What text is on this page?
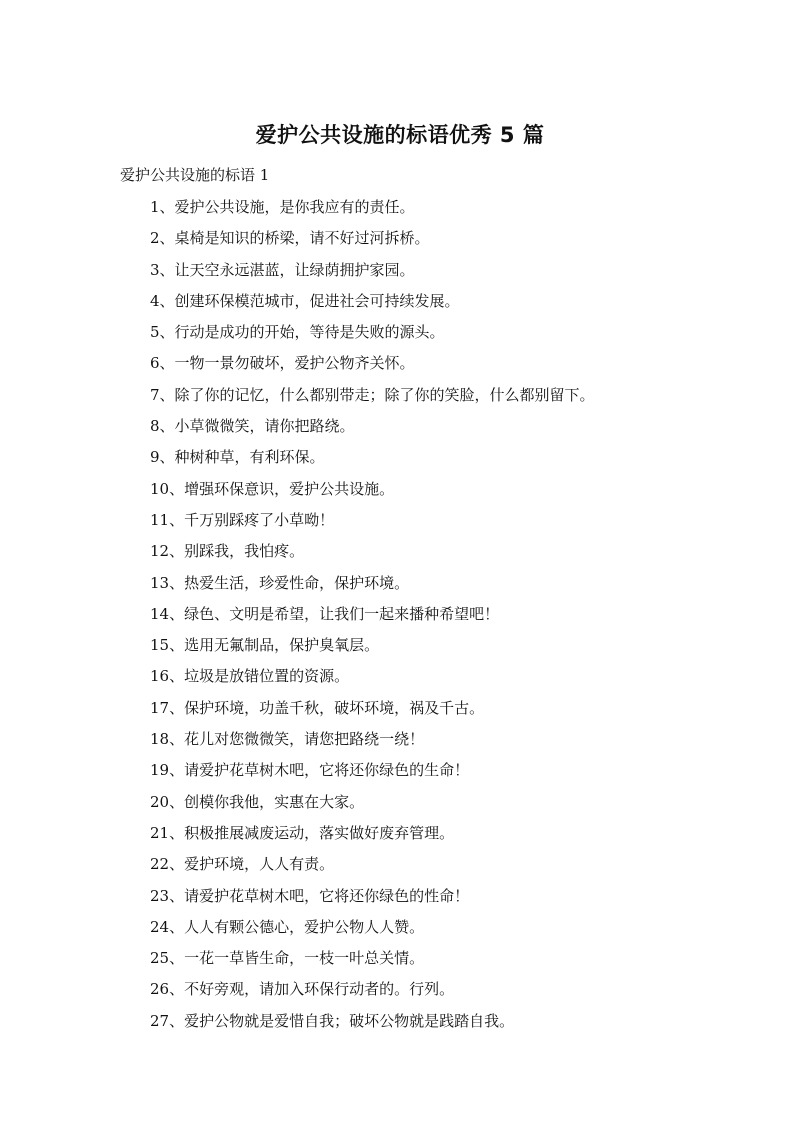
爱护公共设施的标语优秀 5 篇
爱护公共设施的标语 1
1、爱护公共设施，是你我应有的责任。
2、桌椅是知识的桥梁，请不好过河拆桥。
3、让天空永远湛蓝，让绿荫拥护家园。
4、创建环保模范城市，促进社会可持续发展。
5、行动是成功的开始，等待是失败的源头。
6、一物一景勿破坏，爱护公物齐关怀。
7、除了你的记忆，什么都别带走；除了你的笑脸，什么都别留下。
8、小草微微笑，请你把路绕。
9、种树种草，有利环保。
10、增强环保意识，爱护公共设施。
11、千万别踩疼了小草呦！
12、别踩我，我怕疼。
13、热爱生活，珍爱性命，保护环境。
14、绿色、文明是希望，让我们一起来播种希望吧！
15、选用无氟制品，保护臭氧层。
16、垃圾是放错位置的资源。
17、保护环境，功盖千秋，破坏环境，祸及千古。
18、花儿对您微微笑，请您把路绕一绕！
19、请爱护花草树木吧，它将还你绿色的生命！
20、创模你我他，实惠在大家。
21、积极推展减废运动，落实做好废弃管理。
22、爱护环境，人人有责。
23、请爱护花草树木吧，它将还你绿色的性命！
24、人人有颗公德心，爱护公物人人赞。
25、一花一草皆生命，一枝一叶总关情。
26、不好旁观，请加入环保行动者的。行列。
27、爱护公物就是爱惜自我；破坏公物就是践踏自我。
